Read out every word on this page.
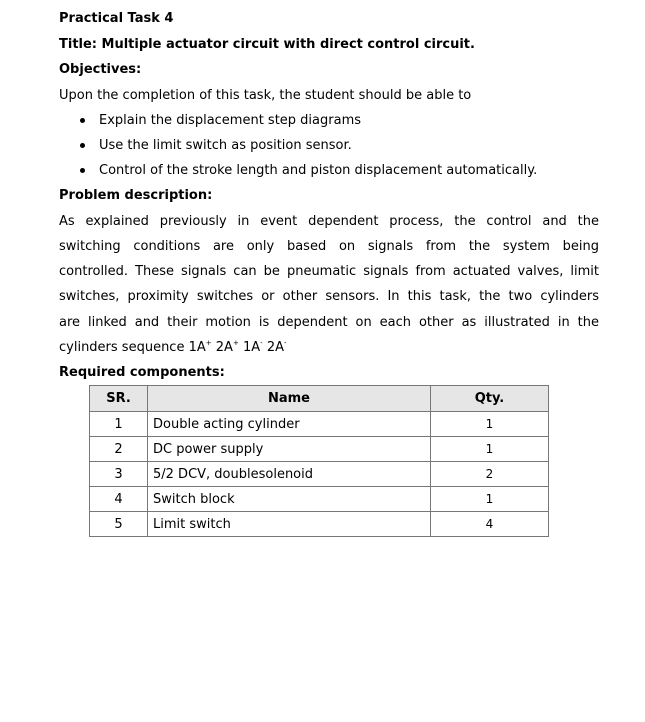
Practical Task 4
Title: Multiple actuator circuit with direct control circuit.
Objectives:
Upon the completion of this task, the student should be able to
Explain the displacement step diagrams
Use the limit switch as position sensor.
Control of the stroke length and piston displacement automatically.
Problem description:
As explained previously in event dependent process, the control and the
switching conditions are only based on signals from the system being
controlled. These signals can be pneumatic signals from actuated valves, limit
switches, proximity switches or other sensors. In this task, the two cylinders
are linked and their motion is dependent on each other as illustrated in the
cylinders sequence 1A+ 2A+ 1A- 2A-
Required components:
SR.	Name	Qty.
1	Double acting cylinder	1
2	DC power supply	1
3	5/2 DCV, doublesolenoid	2
4	Switch block	1
5	Limit switch	4
